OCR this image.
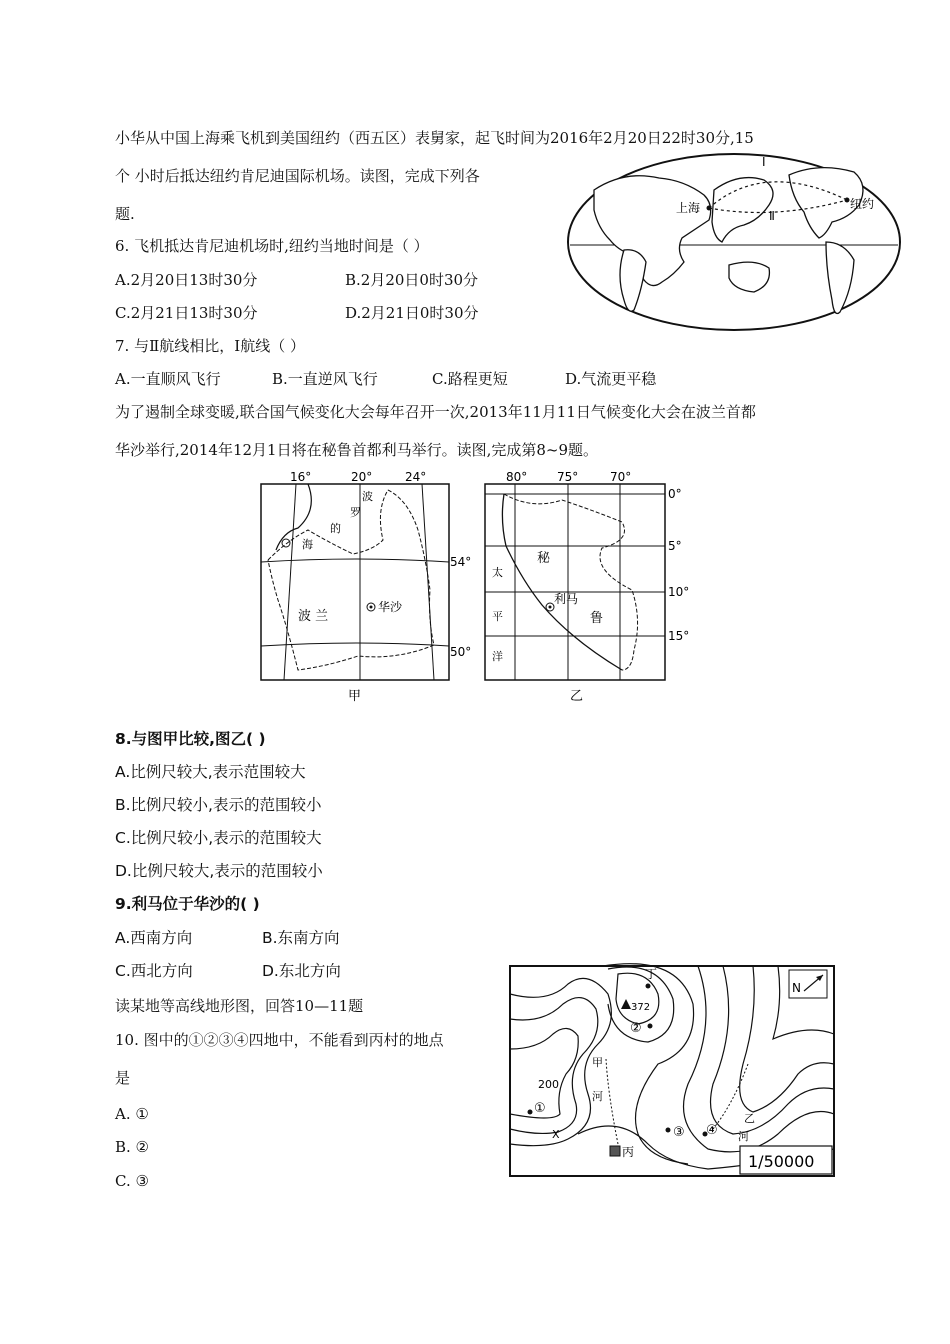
小华从中国上海乘飞机到美国纽约（西五区）表舅家，起飞时间为2016年2月20日22时30分,15
个 小时后抵达纽约肯尼迪国际机场。读图，完成下列各
题.
6. 飞机抵达肯尼迪机场时,纽约当地时间是（ ）
A.2月20日13时30分	B.2月20日0时30分
C.2月21日13时30分	D.2月21日0时30分
7. 与Ⅱ航线相比，Ⅰ航线（ ）
A.一直顺风飞行	B.一直逆风飞行	C.路程更短	D.气流更平稳
为了遏制全球变暖,联合国气候变化大会每年召开一次,2013年11月11日气候变化大会在波兰首都
华沙举行,2014年12月1日将在秘鲁首都利马举行。读图,完成第8~9题。
上海	纽约
I
Ⅱ
16°	20°	24°
54°
50°
波
罗
的
海
波 兰
华沙
甲
80° 75°	70°
0°
5°
10°
15°
太
平
洋
秘
鲁
利马
乙
8.与图甲比较,图乙( )
A.比例尺较大,表示范围较大
B.比例尺较小,表示的范围较小
C.比例尺较小,表示的范围较大
D.比例尺较大,表示的范围较小
9.利马位于华沙的( )
A.西南方向	B.东南方向
C.西北方向	D.东北方向
读某地等高线地形图，回答10—11题
10. 图中的①②③④四地中，不能看到丙村的地点
是
A. ①
B. ②
C. ③
N
1/50000
372
200
丁
②
①
③ ④
X
甲
河
乙
河
丙
